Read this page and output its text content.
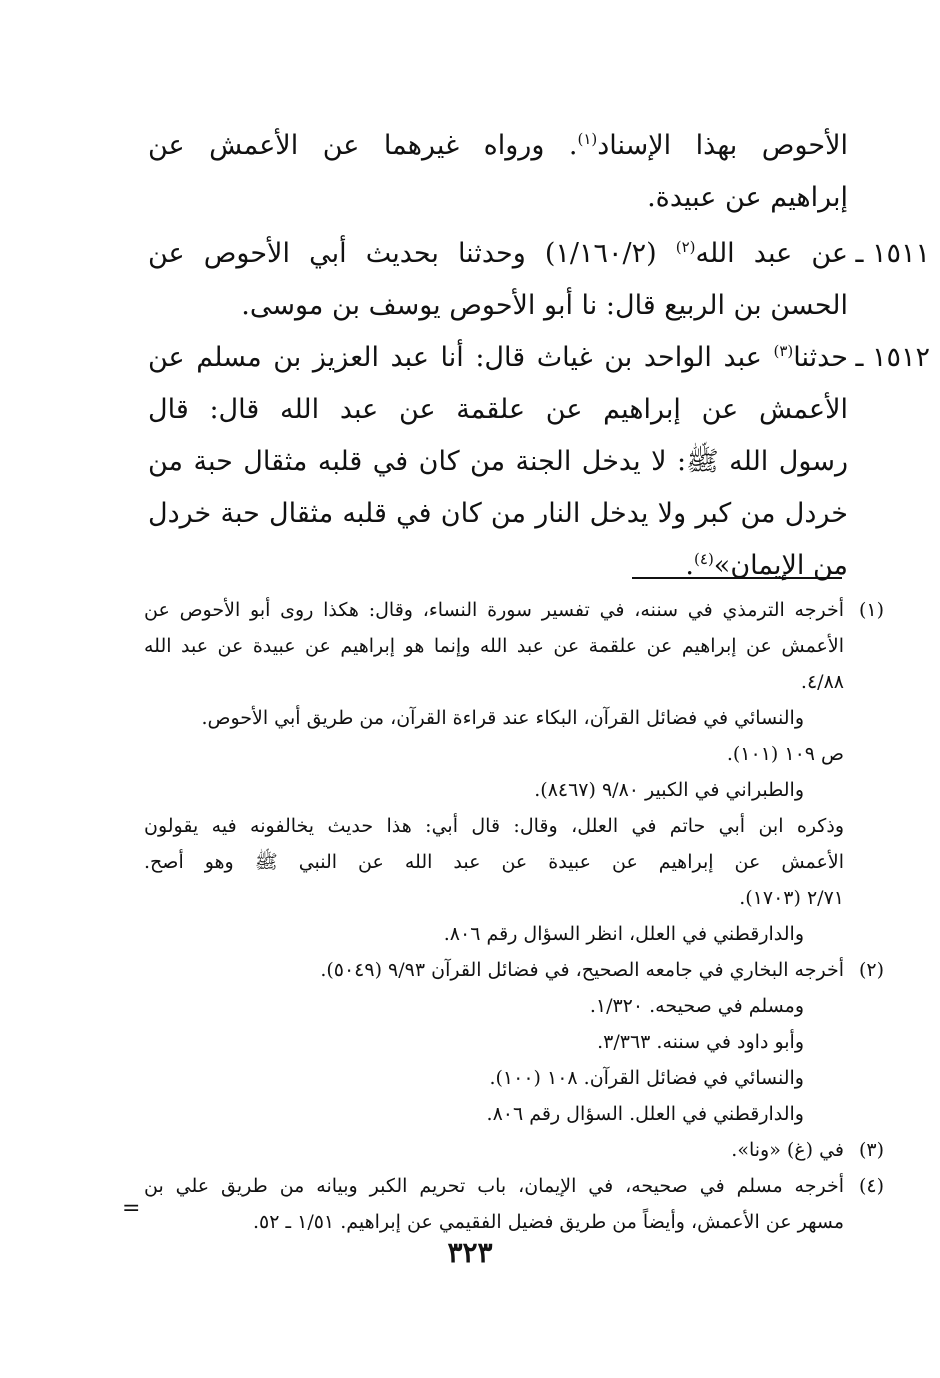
الأحوص بهذا الإسناد$^{(١)}$. ورواه غيرهما عن الأعمش عن
إبراهيم عن عبيدة.
١٥١١ ـ
عن عبد الله$^{(٢)}$ (١/١٦٠/٢) وحدثنا بحديث أبي الأحوص عن
الحسن بن الربيع قال: نا أبو الأحوص يوسف بن موسى.
١٥١٢ ـ
حدثنا$^{(٣)}$ عبد الواحد بن غياث قال: أنا عبد العزيز بن مسلم عن
الأعمش عن إبراهيم عن علقمة عن عبد الله قال: قال
رسول الله ﷺ: لا يدخل الجنة من كان في قلبه مثقال حبة من
خردل من كبر ولا يدخل النار من كان في قلبه مثقال حبة خردل
من الإيمان»$^{(٤)}$.
(١)
أخرجه الترمذي في سننه، في تفسير سورة النساء، وقال: هكذا روى أبو الأحوص عن
الأعمش عن إبراهيم عن علقمة عن عبد الله وإنما هو إبراهيم عن عبيدة عن عبد الله
٤/٨٨.
والنسائي في فضائل القرآن، البكاء عند قراءة القرآن، من طريق أبي الأحوص.
ص ١٠٩ (١٠١).
والطبراني في الكبير ٩/٨٠ (٨٤٦٧).
وذكره ابن أبي حاتم في العلل، وقال: قال أبي: هذا حديث يخالفونه فيه يقولون
الأعمش عن إبراهيم عن عبيدة عن عبد الله عن النبي ﷺ وهو أصح.
٢/٧١ (١٧٠٣).
والدارقطني في العلل، انظر السؤال رقم ٨٠٦.
(٢)
أخرجه البخاري في جامعه الصحيح، في فضائل القرآن ٩/٩٣ (٥٠٤٩).
ومسلم في صحيحه. ١/٣٢٠.
وأبو داود في سننه. ٣/٣٦٣.
والنسائي في فضائل القرآن. ١٠٨ (١٠٠).
والدارقطني في العلل. السؤال رقم ٨٠٦.
(٣)
في (غ) «ونا».
(٤)
أخرجه مسلم في صحيحه، في الإيمان، باب تحريم الكبر وبيانه من طريق علي بن
مسهر عن الأعمش، وأيضاً من طريق فضيل الفقيمي عن إبراهيم. ١/٥١ ـ ٥٢.
=
٣٢٣
